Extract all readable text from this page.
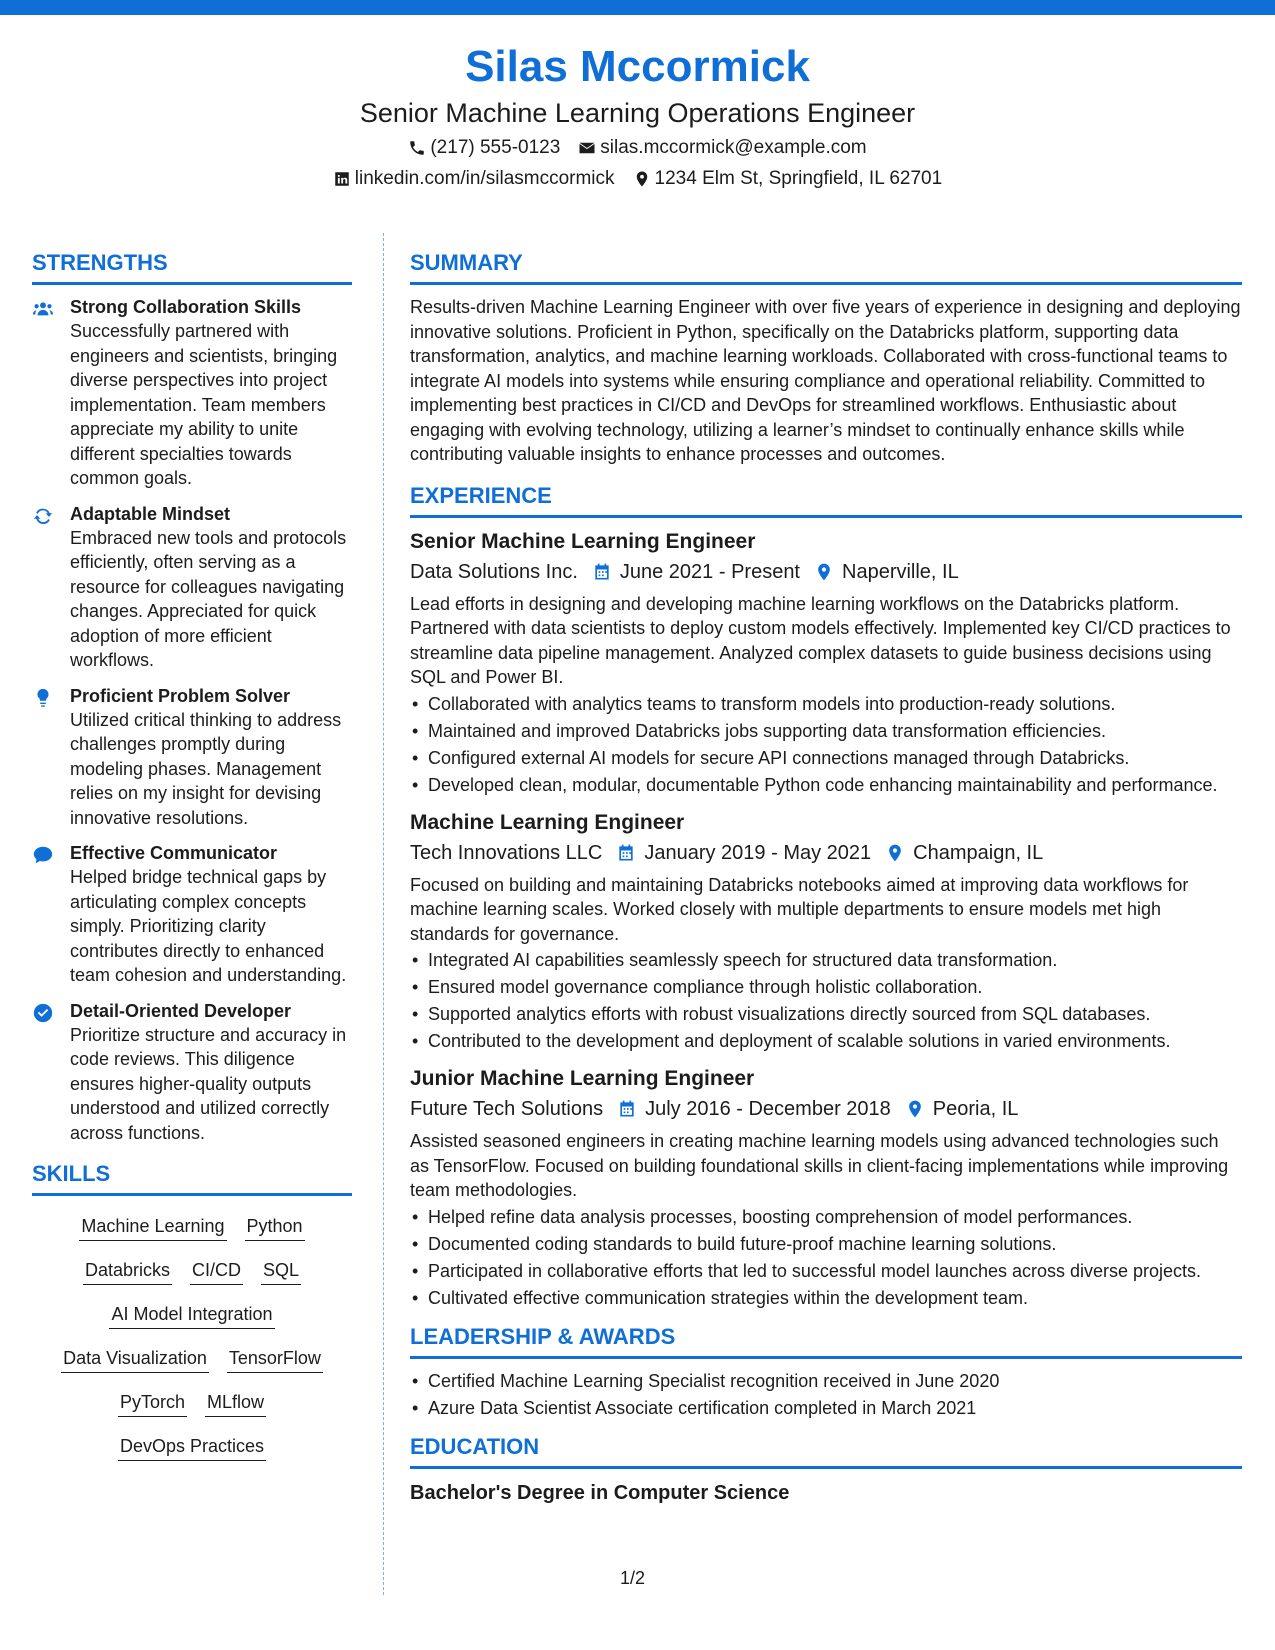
Silas Mccormick
Senior Machine Learning Operations Engineer
(217) 555-0123 silas.mccormick@example.com
linkedin.com/in/silasmccormick 1234 Elm St, Springfield, IL 62701
STRENGTHS
Strong Collaboration Skills
Successfully partnered with engineers and scientists, bringing diverse perspectives into project implementation. Team members appreciate my ability to unite different specialties towards common goals.
Adaptable Mindset
Embraced new tools and protocols efficiently, often serving as a resource for colleagues navigating changes. Appreciated for quick adoption of more efficient workflows.
Proficient Problem Solver
Utilized critical thinking to address challenges promptly during modeling phases. Management relies on my insight for devising innovative resolutions.
Effective Communicator
Helped bridge technical gaps by articulating complex concepts simply. Prioritizing clarity contributes directly to enhanced team cohesion and understanding.
Detail-Oriented Developer
Prioritize structure and accuracy in code reviews. This diligence ensures higher-quality outputs understood and utilized correctly across functions.
SKILLS
Machine Learning Python
Databricks CI/CD SQL
AI Model Integration
Data Visualization TensorFlow
PyTorch MLflow
DevOps Practices
SUMMARY
Results-driven Machine Learning Engineer with over five years of experience in designing and deploying innovative solutions. Proficient in Python, specifically on the Databricks platform, supporting data transformation, analytics, and machine learning workloads. Collaborated with cross-functional teams to integrate AI models into systems while ensuring compliance and operational reliability. Committed to implementing best practices in CI/CD and DevOps for streamlined workflows. Enthusiastic about engaging with evolving technology, utilizing a learner’s mindset to continually enhance skills while contributing valuable insights to enhance processes and outcomes.
EXPERIENCE
Senior Machine Learning Engineer
Data Solutions Inc. June 2021 - Present Naperville, IL
Lead efforts in designing and developing machine learning workflows on the Databricks platform. Partnered with data scientists to deploy custom models effectively. Implemented key CI/CD practices to streamline data pipeline management. Analyzed complex datasets to guide business decisions using SQL and Power BI.
• Collaborated with analytics teams to transform models into production-ready solutions.
• Maintained and improved Databricks jobs supporting data transformation efficiencies.
• Configured external AI models for secure API connections managed through Databricks.
• Developed clean, modular, documentable Python code enhancing maintainability and performance.
Machine Learning Engineer
Tech Innovations LLC January 2019 - May 2021 Champaign, IL
Focused on building and maintaining Databricks notebooks aimed at improving data workflows for machine learning scales. Worked closely with multiple departments to ensure models met high standards for governance.
• Integrated AI capabilities seamlessly speech for structured data transformation.
• Ensured model governance compliance through holistic collaboration.
• Supported analytics efforts with robust visualizations directly sourced from SQL databases.
• Contributed to the development and deployment of scalable solutions in varied environments.
Junior Machine Learning Engineer
Future Tech Solutions July 2016 - December 2018 Peoria, IL
Assisted seasoned engineers in creating machine learning models using advanced technologies such as TensorFlow. Focused on building foundational skills in client-facing implementations while improving team methodologies.
• Helped refine data analysis processes, boosting comprehension of model performances.
• Documented coding standards to build future-proof machine learning solutions.
• Participated in collaborative efforts that led to successful model launches across diverse projects.
• Cultivated effective communication strategies within the development team.
LEADERSHIP & AWARDS
• Certified Machine Learning Specialist recognition received in June 2020
• Azure Data Scientist Associate certification completed in March 2021
EDUCATION
Bachelor's Degree in Computer Science
1/2
